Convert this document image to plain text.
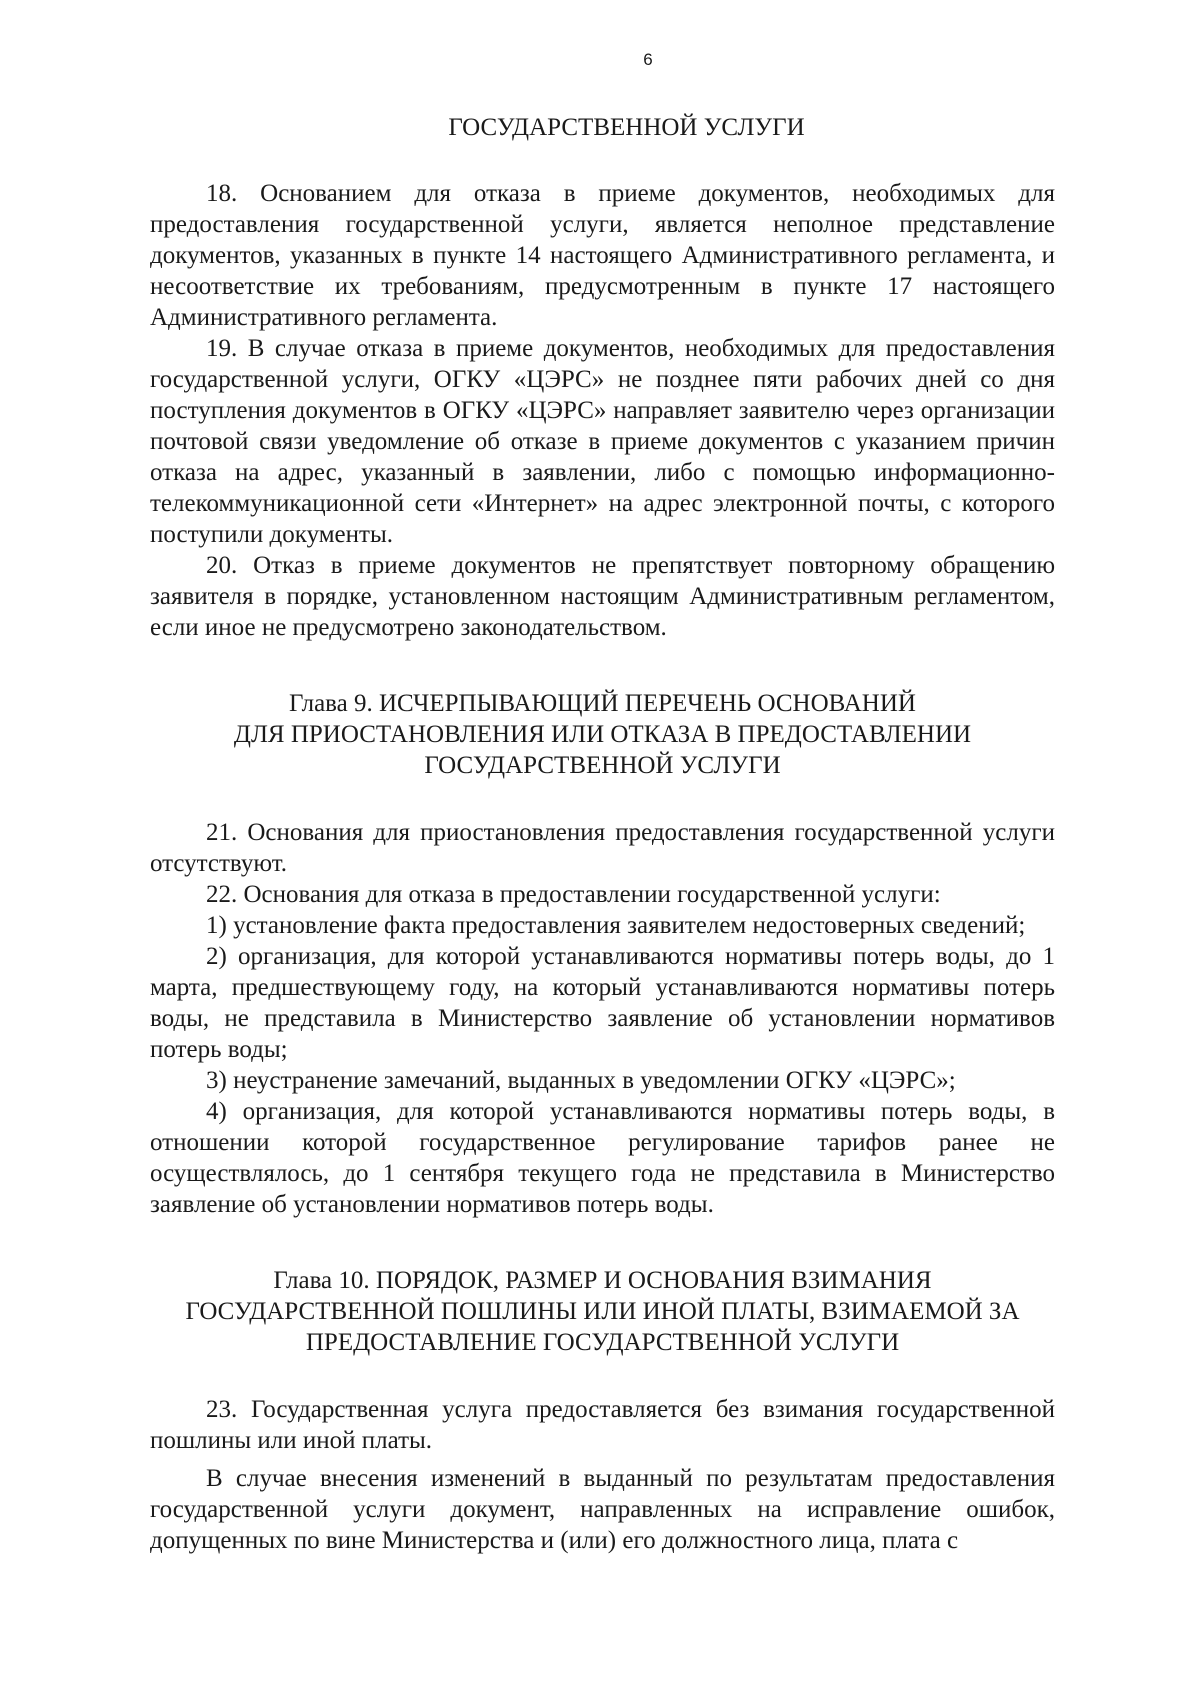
6
ГОСУДАРСТВЕННОЙ УСЛУГИ

18. Основанием для отказа в приеме документов, необходимых для предоставления государственной услуги, является неполное представление документов, указанных в пункте 14 настоящего Административного регламента, и несоответствие их требованиям, предусмотренным в пункте 17 настоящего Административного регламента.

19. В случае отказа в приеме документов, необходимых для предоставления государственной услуги, ОГКУ «ЦЭРС» не позднее пяти рабочих дней со дня поступления документов в ОГКУ «ЦЭРС» направляет заявителю через организации почтовой связи уведомление об отказе в приеме документов с указанием причин отказа на адрес, указанный в заявлении, либо с помощью информационно-телекоммуникационной сети «Интернет» на адрес электронной почты, с которого поступили документы.

20. Отказ в приеме документов не препятствует повторному обращению заявителя в порядке, установленном настоящим Административным регламентом, если иное не предусмотрено законодательством.

Глава 9. ИСЧЕРПЫВАЮЩИЙ ПЕРЕЧЕНЬ ОСНОВАНИЙ
ДЛЯ ПРИОСТАНОВЛЕНИЯ ИЛИ ОТКАЗА В ПРЕДОСТАВЛЕНИИ
ГОСУДАРСТВЕННОЙ УСЛУГИ

21. Основания для приостановления предоставления государственной услуги отсутствуют.

22. Основания для отказа в предоставлении государственной услуги:

1) установление факта предоставления заявителем недостоверных сведений;

2) организация, для которой устанавливаются нормативы потерь воды, до 1 марта, предшествующему году, на который устанавливаются нормативы потерь воды, не представила в Министерство заявление об установлении нормативов потерь воды;

3) неустранение замечаний, выданных в уведомлении ОГКУ «ЦЭРС»;

4) организация, для которой устанавливаются нормативы потерь воды, в отношении которой государственное регулирование тарифов ранее не осуществлялось, до 1 сентября текущего года не представила в Министерство заявление об установлении нормативов потерь воды.

Глава 10. ПОРЯДОК, РАЗМЕР И ОСНОВАНИЯ ВЗИМАНИЯ
ГОСУДАРСТВЕННОЙ ПОШЛИНЫ ИЛИ ИНОЙ ПЛАТЫ, ВЗИМАЕМОЙ ЗА
ПРЕДОСТАВЛЕНИЕ ГОСУДАРСТВЕННОЙ УСЛУГИ

23. Государственная услуга предоставляется без взимания государственной пошлины или иной платы.

В случае внесения изменений в выданный по результатам предоставления государственной услуги документ, направленных на исправление ошибок, допущенных по вине Министерства и (или) его должностного лица, плата с
